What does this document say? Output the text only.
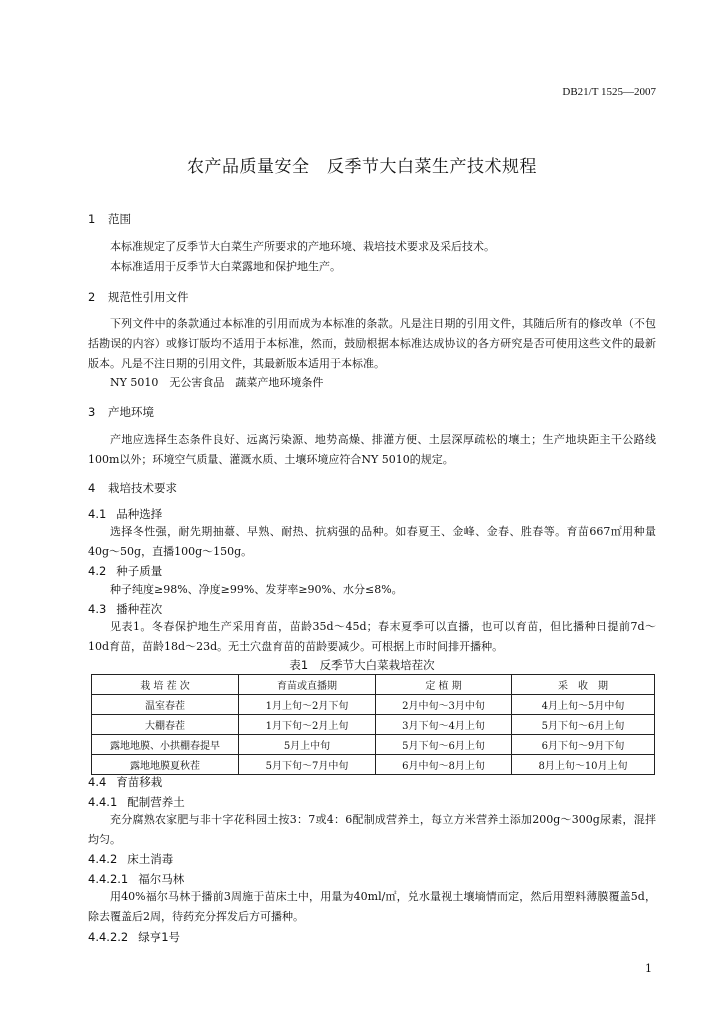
DB21/T 1525—2007
农产品质量安全　反季节大白菜生产技术规程
1 范围
本标准规定了反季节大白菜生产所要求的产地环境、栽培技术要求及采后技术。
本标准适用于反季节大白菜露地和保护地生产。
2 规范性引用文件
下列文件中的条款通过本标准的引用而成为本标准的条款。凡是注日期的引用文件，其随后所有的修改单（不包括勘误的内容）或修订版均不适用于本标准，然而，鼓励根据本标准达成协议的各方研究是否可使用这些文件的最新版本。凡是不注日期的引用文件，其最新版本适用于本标准。
NY 5010　无公害食品　蔬菜产地环境条件
3 产地环境
产地应选择生态条件良好、远离污染源、地势高燥、排灌方便、土层深厚疏松的壤土；生产地块距主干公路线100m以外；环境空气质量、灌溉水质、土壤环境应符合NY 5010的规定。
4 栽培技术要求
4.1 品种选择
选择冬性强，耐先期抽薹、早熟、耐热、抗病强的品种。如春夏王、金峰、金春、胜春等。育苗667㎡用种量40g～50g，直播100g～150g。
4.2 种子质量
种子纯度≥98%、净度≥99%、发芽率≥90%、水分≤8%。
4.3 播种茬次
见表1。冬春保护地生产采用育苗，苗龄35d～45d；春末夏季可以直播，也可以育苗，但比播种日提前7d～10d育苗，苗龄18d～23d。无土穴盘育苗的苗龄要减少。可根据上市时间排开播种。
表1　反季节大白菜栽培茬次
栽 培 茬 次	育苗或直播期	定 植 期	采　收　期
温室春茬	1月上旬～2月下旬	2月中旬～3月中旬	4月上旬～5月中旬
大棚春茬	1月下旬～2月上旬	3月下旬～4月上旬	5月下旬～6月上旬
露地地膜、小拱棚春提早	5月上中旬	5月下旬～6月上旬	6月下旬～9月下旬
露地地膜夏秋茬	5月下旬～7月中旬	6月中旬～8月上旬	8月上旬～10月上旬
4.4 育苗移栽
4.4.1 配制营养土
充分腐熟农家肥与非十字花科园土按3：7或4：6配制成营养土，每立方米营养土添加200g～300g尿素，混拌均匀。
4.4.2 床土消毒
4.4.2.1 福尔马林
用40%福尔马林于播前3周施于苗床土中，用量为40ml/㎡，兑水量视土壤墒情而定，然后用塑料薄膜覆盖5d，除去覆盖后2周，待药充分挥发后方可播种。
4.4.2.2 绿亨1号
1
